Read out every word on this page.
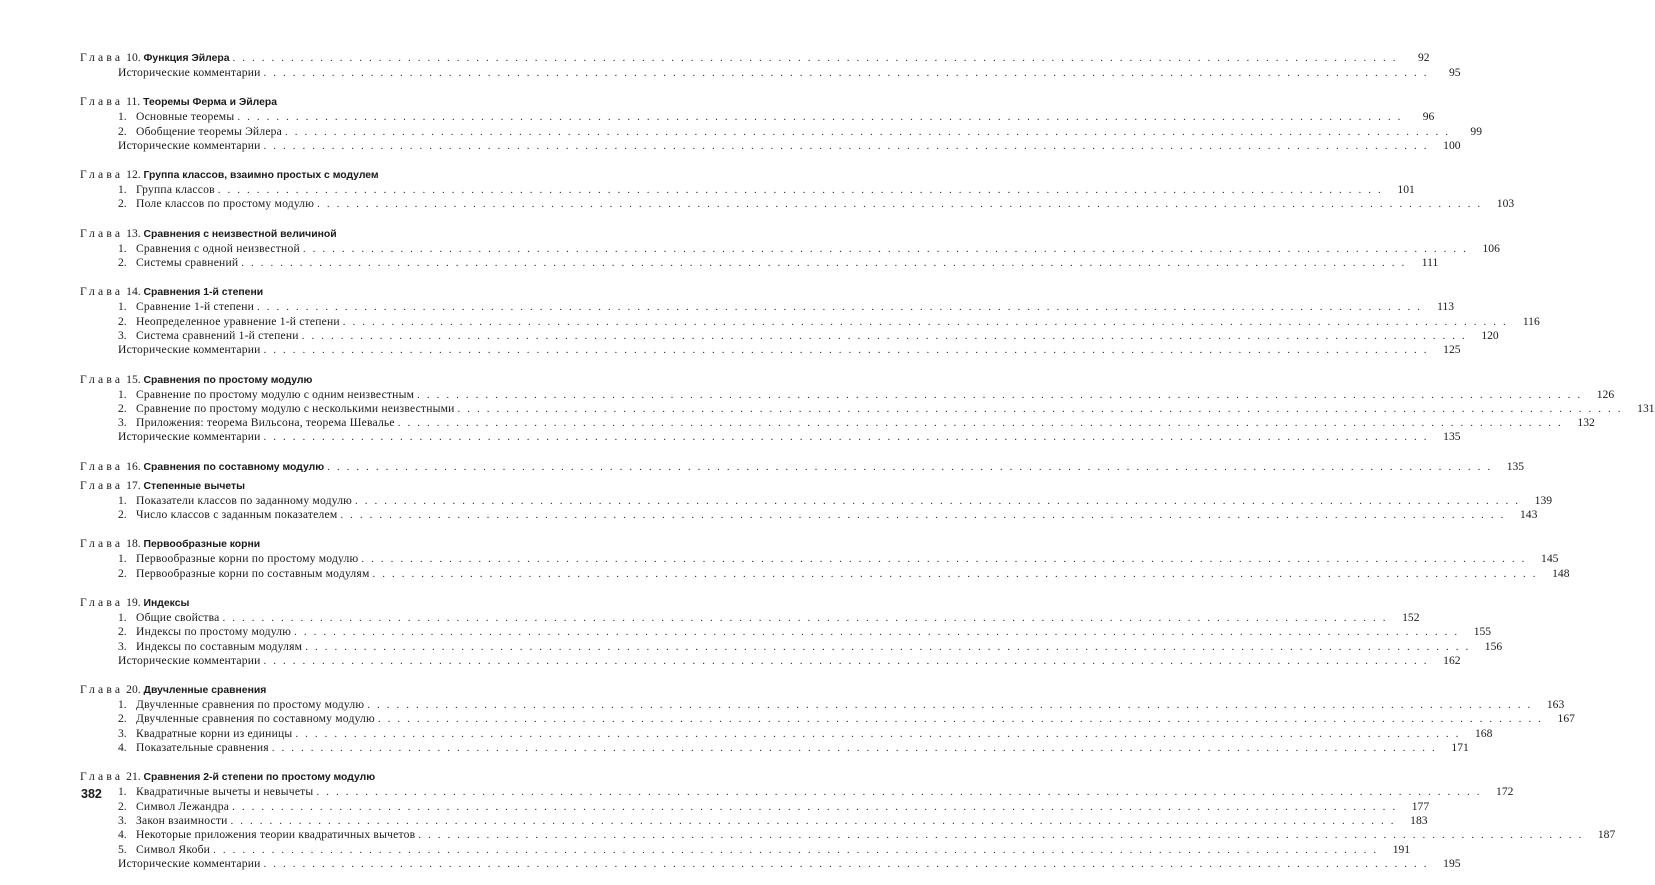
Глава 10. Функция Эйлера ........................................................................................................................	92
Исторические комментарии ........................................................................................................................	95
Глава 11. Теоремы Ферма и Эйлера
1. Основные теоремы ........................................................................................................................	96
2. Обобщение теоремы Эйлера ........................................................................................................................	99
Исторические комментарии ........................................................................................................................ 100
Глава 12. Группа классов, взаимно простых с модулем
1. Группа классов ........................................................................................................................ 101
2. Поле классов по простому модулю ........................................................................................................................ 103
Глава 13. Сравнения с неизвестной величиной
1. Сравнения с одной неизвестной ........................................................................................................................ 106
2. Системы сравнений ........................................................................................................................ 111
Глава 14. Сравнения 1-й степени
1. Сравнение 1-й степени ........................................................................................................................ 113
2. Неопределенное уравнение 1-й степени ........................................................................................................................ 116
3. Система сравнений 1-й степени ........................................................................................................................ 120
Исторические комментарии ........................................................................................................................ 125
Глава 15. Сравнения по простому модулю
1. Сравнение по простому модулю с одним неизвестным ........................................................................................................................ 126
2. Сравнение по простому модулю с несколькими неизвестными ........................................................................................................................ 131
3. Приложения: теорема Вильсона, теорема Шевалье ........................................................................................................................ 132
Исторические комментарии ........................................................................................................................ 135
Глава 16. Сравнения по составному модулю ........................................................................................................................ 135
Глава 17. Степенные вычеты
1. Показатели классов по заданному модулю ........................................................................................................................ 139
2. Число классов с заданным показателем ........................................................................................................................ 143
Глава 18. Первообразные корни
1. Первообразные корни по простому модулю ........................................................................................................................ 145
2. Первообразные корни по составным модулям ........................................................................................................................ 148
Глава 19. Индексы
1. Общие свойства ........................................................................................................................ 152
2. Индексы по простому модулю ........................................................................................................................ 155
3. Индексы по составным модулям ........................................................................................................................ 156
Исторические комментарии ........................................................................................................................ 162
Глава 20. Двучленные сравнения
1. Двучленные сравнения по простому модулю ........................................................................................................................ 163
2. Двучленные сравнения по составному модулю ........................................................................................................................ 167
3. Квадратные корни из единицы ........................................................................................................................ 168
4. Показательные сравнения ........................................................................................................................ 171
Глава 21. Сравнения 2-й степени по простому модулю
1. Квадратичные вычеты и невычеты ........................................................................................................................ 172
2. Символ Лежандра ........................................................................................................................ 177
3. Закон взаимности ........................................................................................................................ 183
4. Некоторые приложения теории квадратичных вычетов ........................................................................................................................ 187
5. Символ Якоби ........................................................................................................................ 191
Исторические комментарии ........................................................................................................................ 195
382
